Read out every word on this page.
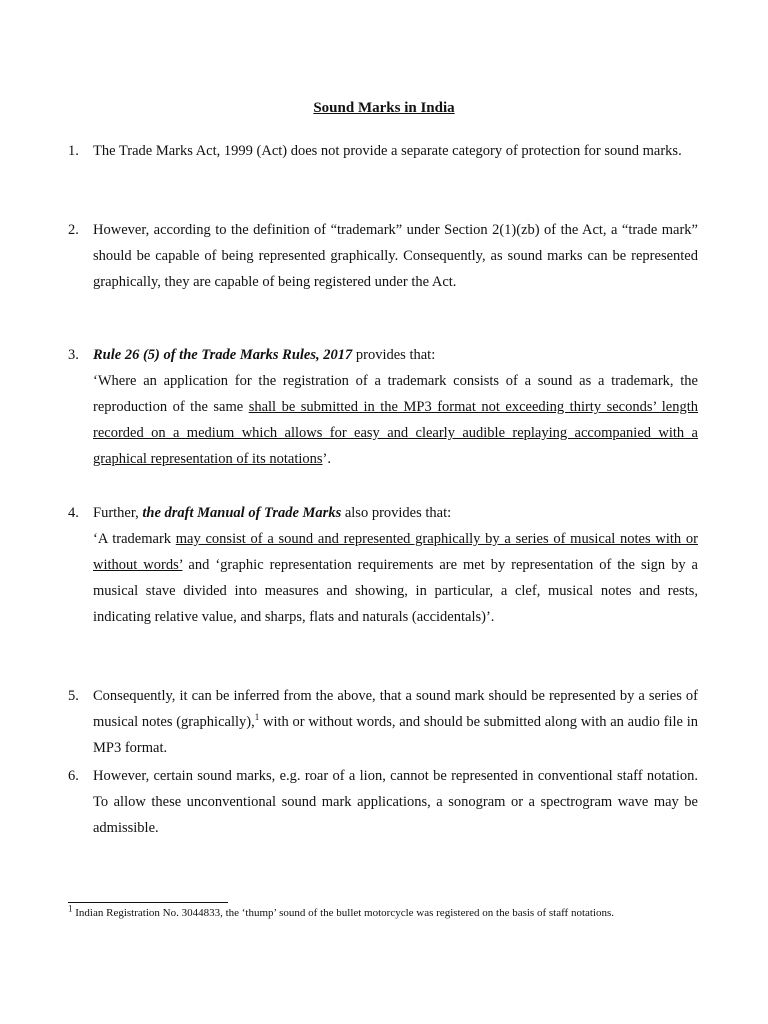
Sound Marks in India
1. The Trade Marks Act, 1999 (Act) does not provide a separate category of protection for sound marks.
2. However, according to the definition of “trademark” under Section 2(1)(zb) of the Act, a “trade mark” should be capable of being represented graphically. Consequently, as sound marks can be represented graphically, they are capable of being registered under the Act.
3. Rule 26 (5) of the Trade Marks Rules, 2017 provides that:
‘Where an application for the registration of a trademark consists of a sound as a trademark, the reproduction of the same shall be submitted in the MP3 format not exceeding thirty seconds’ length recorded on a medium which allows for easy and clearly audible replaying accompanied with a graphical representation of its notations’.
4. Further, the draft Manual of Trade Marks also provides that:
‘A trademark may consist of a sound and represented graphically by a series of musical notes with or without words’ and ‘graphic representation requirements are met by representation of the sign by a musical stave divided into measures and showing, in particular, a clef, musical notes and rests, indicating relative value, and sharps, flats and naturals (accidentals)’.
5. Consequently, it can be inferred from the above, that a sound mark should be represented by a series of musical notes (graphically),$^1$ with or without words, and should be submitted along with an audio file in MP3 format.
6. However, certain sound marks, e.g. roar of a lion, cannot be represented in conventional staff notation. To allow these unconventional sound mark applications, a sonogram or a spectrogram wave may be admissible.
$^1$ Indian Registration No. 3044833, the ‘thump’ sound of the bullet motorcycle was registered on the basis of staff notations.
